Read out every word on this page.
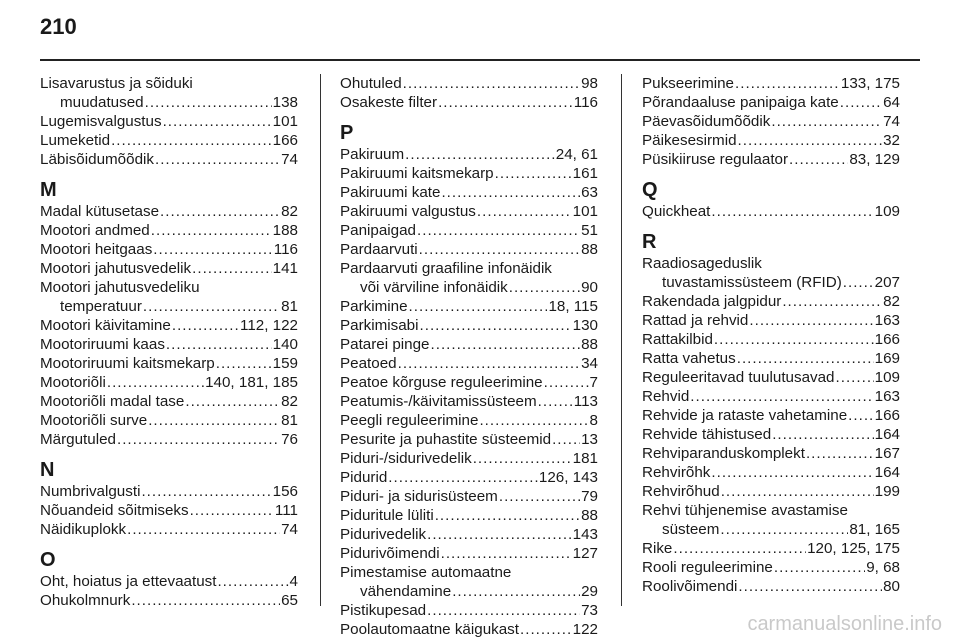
210
Lisavarustus ja sõiduki
muudatused .....	138
Lugemisvalgustus .....	101
Lumeketid .....	166
Läbisõidumõõdik .....	74
M
Madal kütusetase .....	82
Mootori andmed .....	188
Mootori heitgaas .....	116
Mootori jahutusvedelik .....	141
Mootori jahutusvedeliku
temperatuur .....	81
Mootori käivitamine .....	112, 122
Mootoriruumi kaas .....	140
Mootoriruumi kaitsmekarp .....	159
Mootoriõli .....	140, 181, 185
Mootoriõli madal tase .....	82
Mootoriõli surve .....	81
Märgutuled .....	76
N
Numbrivalgusti .....	156
Nõuandeid sõitmiseks .....	111
Näidikuplokk .....	74
O
Oht, hoiatus ja ettevaatust .....	4
Ohukolmnurk .....	65
Ohutuled .....	98
Osakeste filter .....	116
P
Pakiruum .....	24, 61
Pakiruumi kaitsmekarp .....	161
Pakiruumi kate .....	63
Pakiruumi valgustus .....	101
Panipaigad .....	51
Pardaarvuti .....	88
Pardaarvuti graafiline infonäidik
või värviline infonäidik .....	90
Parkimine .....	18, 115
Parkimisabi .....	130
Patarei pinge .....	88
Peatoed .....	34
Peatoe kõrguse reguleerimine .....	7
Peatumis-/käivitamissüsteem ..... 113
Peegli reguleerimine .....	8
Pesurite ja puhastite süsteemid ..... 13
Piduri-/sidurivedelik .....	181
Pidurid .....	126, 143
Piduri- ja sidurisüsteem .....	79
Piduritule lüliti .....	88
Pidurivedelik .....	143
Pidurivõimendi .....	127
Pimestamise automaatne
vähendamine .....	29
Pistikupesad .....	73
Poolautomaatne käigukast .....	122
Pukseerimine .....	133, 175
Põrandaaluse panipaiga kate .....	64
Päevasõidumõõdik .....	74
Päikesesirmid .....	32
Püsikiiruse regulaator .....	83, 129
Q
Quickheat .....	109
R
Raadiosageduslik
tuvastamissüsteem (RFID) ..... 207
Rakendada jalgpidur .....	82
Rattad ja rehvid .....	163
Rattakilbid .....	166
Ratta vahetus .....	169
Reguleeritavad tuulutusavad .....	109
Rehvid .....	163
Rehvide ja rataste vahetamine ..... 166
Rehvide tähistused .....	164
Rehviparanduskomplekt .....	167
Rehvirõhk .....	164
Rehvirõhud .....	199
Rehvi tühjenemise avastamise
süsteem .....	81, 165
Rike .....	120, 125, 175
Rooli reguleerimine .....	9, 68
Roolivõimendi .....	80
carmanualsonline.info
